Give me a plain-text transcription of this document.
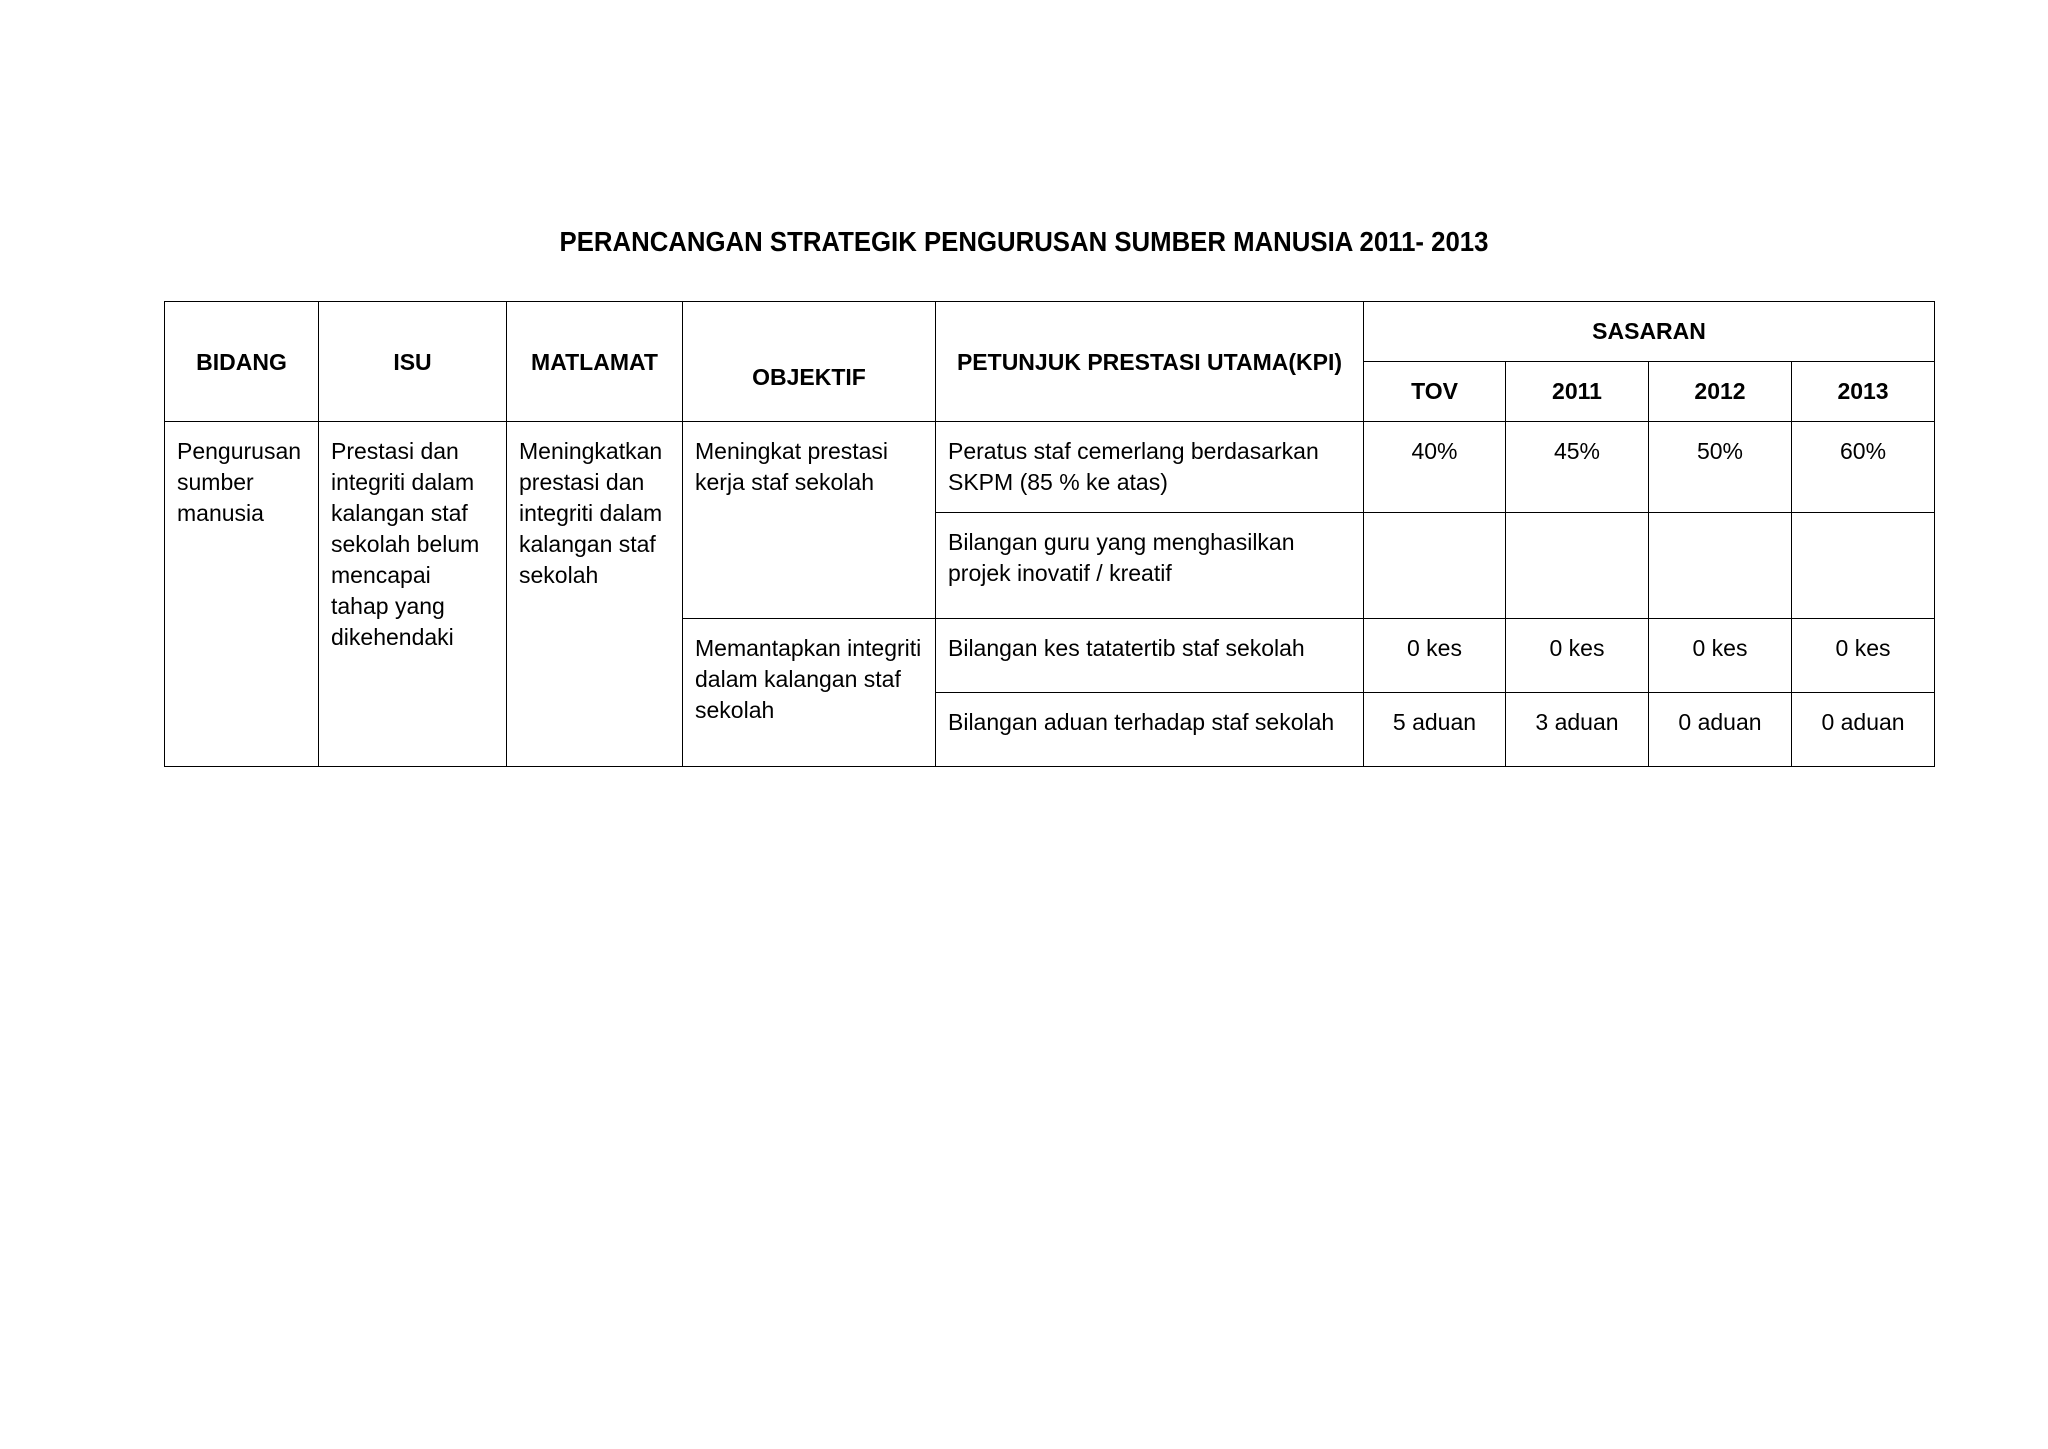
PERANCANGAN STRATEGIK PENGURUSAN SUMBER MANUSIA 2011- 2013
BIDANG	ISU	MATLAMAT	OBJEKTIF	PETUNJUK PRESTASI UTAMA(KPI)	SASARAN			
					TOV	2011	2012	2013
Pengurusan sumber manusia	Prestasi dan integriti dalam kalangan staf sekolah belum mencapai tahap yang dikehendaki	Meningkatkan prestasi dan integriti dalam kalangan staf sekolah	Meningkat prestasi kerja staf sekolah	Peratus staf cemerlang berdasarkan SKPM (85 % ke atas)	40%	45%	50%	60%
				Bilangan guru yang menghasilkan projek inovatif / kreatif				
			Memantapkan integriti dalam kalangan staf sekolah	Bilangan kes tatatertib staf sekolah	0 kes	0 kes	0 kes	0 kes
				Bilangan aduan terhadap staf sekolah	5 aduan	3 aduan	0 aduan	0 aduan
